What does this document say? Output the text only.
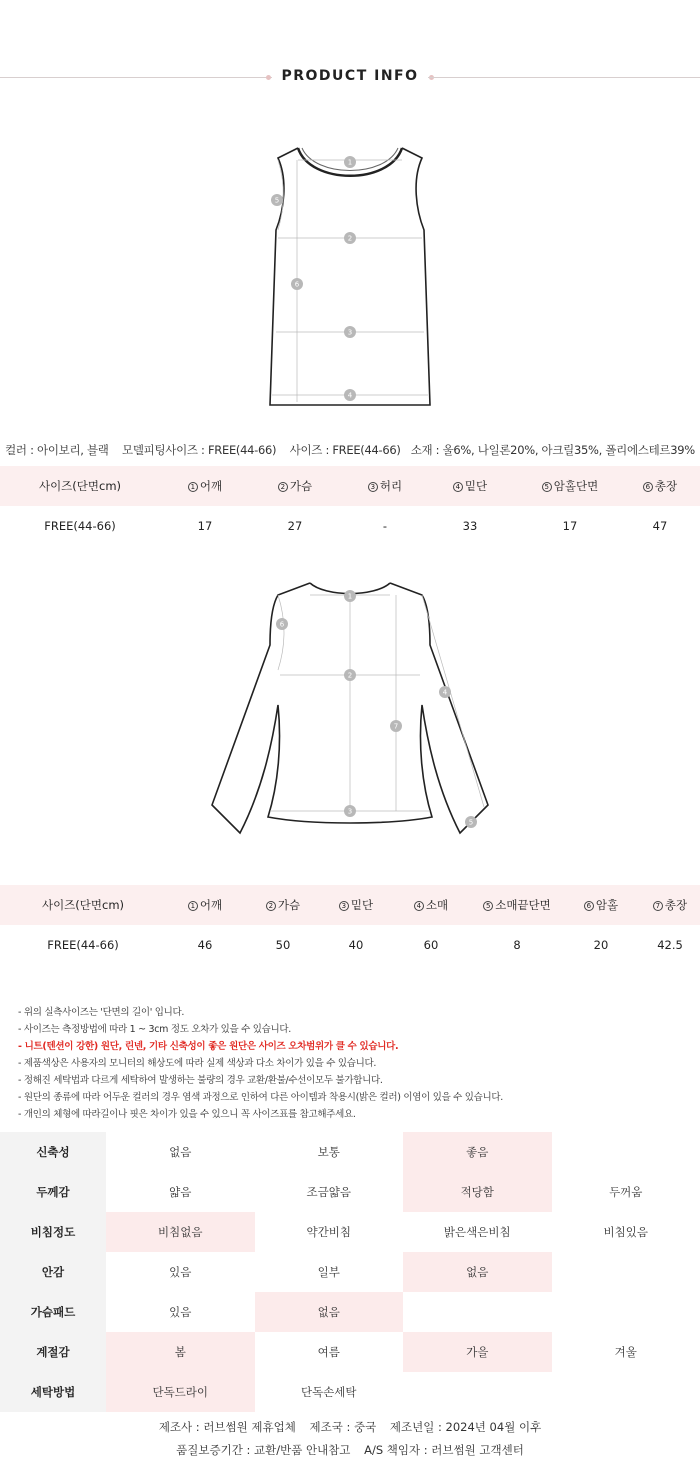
PRODUCT INFO
1
2
3
4
5
6
컬러 : 아이보리, 블랙 모델피팅사이즈 : FREE(44-66) 사이즈 : FREE(44-66) 소재 : 울6%, 나일론20%, 아크릴35%, 폴리에스테르39%
사이즈(단면cm)	1 어깨	2 가슴	3 허리	4 밑단	5 암홀단면	6 총장
FREE(44-66)	17	27	-	33	17	47
1
2
3
4
5
6
7
사이즈(단면cm)	1 어깨	2 가슴	3 밑단	4 소매	5 소매끝단면	6 암홀	7 총장
FREE(44-66)	46	50	40	60	8	20	42.5
- 위의 실측사이즈는 '단면의 길이' 입니다.
- 사이즈는 측정방법에 따라 1 ~ 3cm 정도 오차가 있을 수 있습니다.
- 니트(텐션이 강한) 원단, 린넨, 기타 신축성이 좋은 원단은 사이즈 오차범위가 클 수 있습니다.
- 제품색상은 사용자의 모니터의 해상도에 따라 실제 색상과 다소 차이가 있을 수 있습니다.
- 정해진 세탁법과 다르게 세탁하여 발생하는 불량의 경우 교환/환불/수선이모두 불가합니다.
- 원단의 종류에 따라 어두운 컬러의 경우 염색 과정으로 인하여 다른 아이템과 착용시(밝은 컬러) 이염이 있을 수 있습니다.
- 개인의 체형에 따라길이나 핏은 차이가 있을 수 있으니 꼭 사이즈표를 참고해주세요.
신축성	없음	보통	좋음
두께감	얇음	조금얇음	적당함	두꺼움
비침정도	비침없음	약간비침	밝은색은비침	비침있음
안감	있음	일부	없음
가슴패드	있음	없음
계절감	봄	여름	가을	겨울
세탁방법	단독드라이	단독손세탁
제조사 : 러브썸원 제휴업체 제조국 : 중국 제조년일 : 2024년 04월 이후
품질보증기간 : 교환/반품 안내참고 A/S 책임자 : 러브썸원 고객센터
